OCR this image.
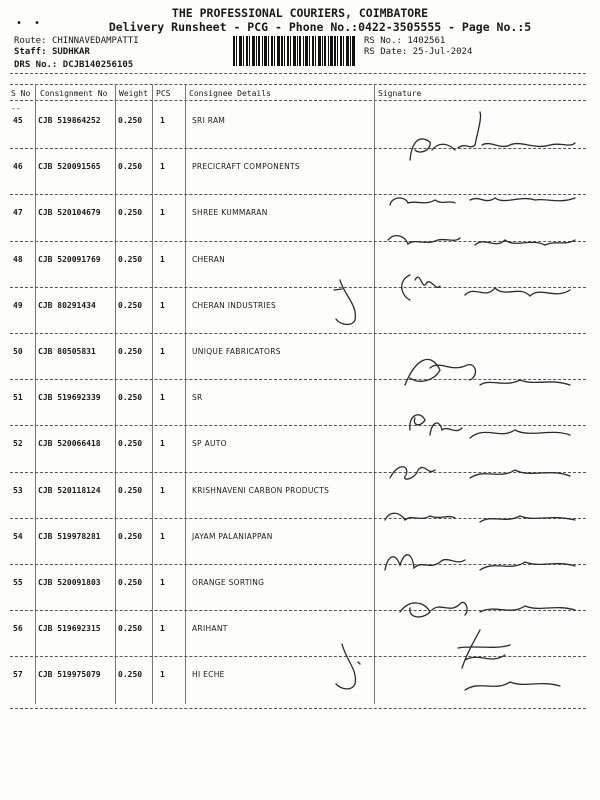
•  •
THE PROFESSIONAL COURIERS, COIMBATORE
Delivery Runsheet - PCG - Phone No.:0422-3505555 - Page No.:5
Route: CHINNAVEDAMPATTI
Staff: SUDHKAR
DRS No.: DCJB140256105
RS No.: 1402561
RS Date: 25-Jul-2024
S No Consignment No Weight PCS Consignee Details	Signature
--
45 CJB 519864252 0.250 1	SRI RAM
46 CJB 520091565 0.250 1	PRECICRAFT COMPONENTS
47 CJB 520104679 0.250 1	SHREE KUMMARAN
48 CJB 520091769 0.250 1	CHERAN
49 CJB 80291434	0.250 1	CHERAN INDUSTRIES
50 CJB 80505831	0.250 1	UNIQUE FABRICATORS
51 CJB 519692339 0.250 1	SR
52 CJB 520066418 0.250 1	SP AUTO
53 CJB 520118124 0.250 1	KRISHNAVENI CARBON PRODUCTS
54 CJB 519978281 0.250 1	JAYAM PALANIAPPAN
55 CJB 520091803 0.250 1	ORANGE SORTING
56 CJB 519692315 0.250 1	ARIHANT
57 CJB 519975079 0.250 1	HI ECHE
